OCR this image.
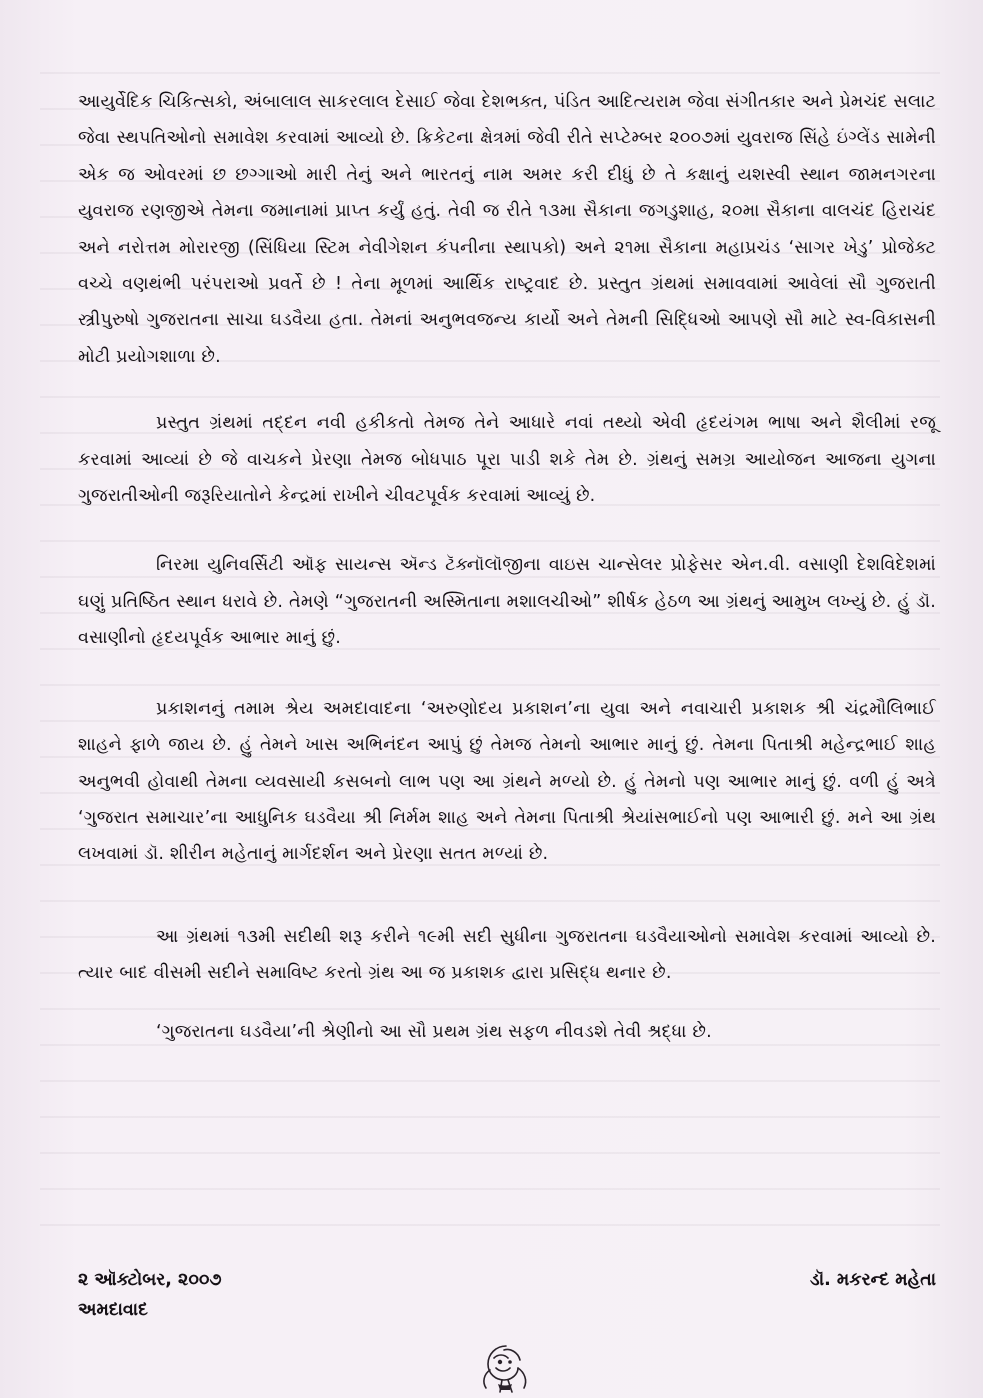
આયુર્વેદિક ચિકિત્સકો, અંબાલાલ સાકરલાલ દેસાઈ જેવા દેશભક્ત, પંડિત આદિત્યરામ જેવા સંગીતકાર અને પ્રેમચંદ સલાટ જેવા સ્થપતિઓનો સમાવેશ કરવામાં આવ્યો છે. ક્રિકેટના ક્ષેત્રમાં જેવી રીતે સપ્ટેમ્બર ૨૦૦૭માં યુવરાજ સિંહે ઇંગ્લેંડ સામેની એક જ ઓવરમાં છ છગ્ગાઓ મારી તેનું અને ભારતનું નામ અમર કરી દીધું છે તે કક્ષાનું યશસ્વી સ્થાન જામનગરના યુવરાજ રણજીએ તેમના જમાનામાં પ્રાપ્ત કર્યું હતું. તેવી જ રીતે ૧૩મા સૈકાના જગડુશાહ, ૨૦મા સૈકાના વાલચંદ હિરાચંદ અને નરોત્તમ મોરારજી (સિંધિયા સ્ટિમ નેવીગેશન કંપનીના સ્થાપકો) અને ૨૧મા સૈકાના મહાપ્રચંડ ‘સાગર ખેડુ’ પ્રોજેક્ટ વચ્ચે વણથંભી પરંપરાઓ પ્રવર્તે છે ! તેના મૂળમાં આર્થિક રાષ્ટ્રવાદ છે. પ્રસ્તુત ગ્રંથમાં સમાવવામાં આવેલાં સૌ ગુજરાતી સ્ત્રીપુરુષો ગુજરાતના સાચા ઘડવૈયા હતા. તેમનાં અનુભવજન્ય કાર્યો અને તેમની સિદ્ધિઓ આપણે સૌ માટે સ્વ-વિકાસની મોટી પ્રયોગશાળા છે.

પ્રસ્તુત ગ્રંથમાં તદ્દન નવી હકીકતો તેમજ તેને આધારે નવાં તથ્યો એવી હૃદયંગમ ભાષા અને શૈલીમાં રજૂ કરવામાં આવ્યાં છે જે વાચકને પ્રેરણા તેમજ બોધપાઠ પૂરા પાડી શકે તેમ છે. ગ્રંથનું સમગ્ર આયોજન આજના યુગના ગુજરાતીઓની જરૂરિયાતોને કેન્દ્રમાં રાખીને ચીવટપૂર્વક કરવામાં આવ્યું છે.

નિરમા યુનિવર્સિટી ઑફ સાયન્સ ઍન્ડ ટૅક્નૉલૉજીના વાઇસ ચાન્સેલર પ્રોફેસર એન.વી. વસાણી દેશવિદેશમાં ઘણું પ્રતિષ્ઠિત સ્થાન ધરાવે છે. તેમણે “ગુજરાતની અસ્મિતાના મશાલચીઓ” શીર્ષક હેઠળ આ ગ્રંથનું આમુખ લખ્યું છે. હું ડૉ. વસાણીનો હૃદયપૂર્વક આભાર માનું છું.

પ્રકાશનનું તમામ શ્રેય અમદાવાદના ‘અરુણોદય પ્રકાશન’ના યુવા અને નવાચારી પ્રકાશક શ્રી ચંદ્રમૌલિભાઈ શાહને ફાળે જાય છે. હું તેમને ખાસ અભિનંદન આપું છું તેમજ તેમનો આભાર માનું છું. તેમના પિતાશ્રી મહેન્દ્રભાઈ શાહ અનુભવી હોવાથી તેમના વ્યવસાયી કસબનો લાભ પણ આ ગ્રંથને મળ્યો છે. હું તેમનો પણ આભાર માનું છું. વળી હું અત્રે ‘ગુજરાત સમાચાર’ના આધુનિક ઘડવૈયા શ્રી નિર્મમ શાહ અને તેમના પિતાશ્રી શ્રેયાંસભાઈનો પણ આભારી છું. મને આ ગ્રંથ લખવામાં ડૉ. શીરીન મહેતાનું માર્ગદર્શન અને પ્રેરણા સતત મળ્યાં છે.

આ ગ્રંથમાં ૧૩મી સદીથી શરૂ કરીને ૧૯મી સદી સુધીના ગુજરાતના ઘડવૈયાઓનો સમાવેશ કરવામાં આવ્યો છે. ત્યાર બાદ વીસમી સદીને સમાવિષ્ટ કરતો ગ્રંથ આ જ પ્રકાશક દ્વારા પ્રસિદ્ધ થનાર છે.

‘ગુજરાતના ઘડવૈયા’ની શ્રેણીનો આ સૌ પ્રથમ ગ્રંથ સફળ નીવડશે તેવી શ્રદ્ધા છે.

૨ ઑક્ટોબર, ૨૦૦૭	ડૉ. મકરન્દ મહેતા
અમદાવાદ
